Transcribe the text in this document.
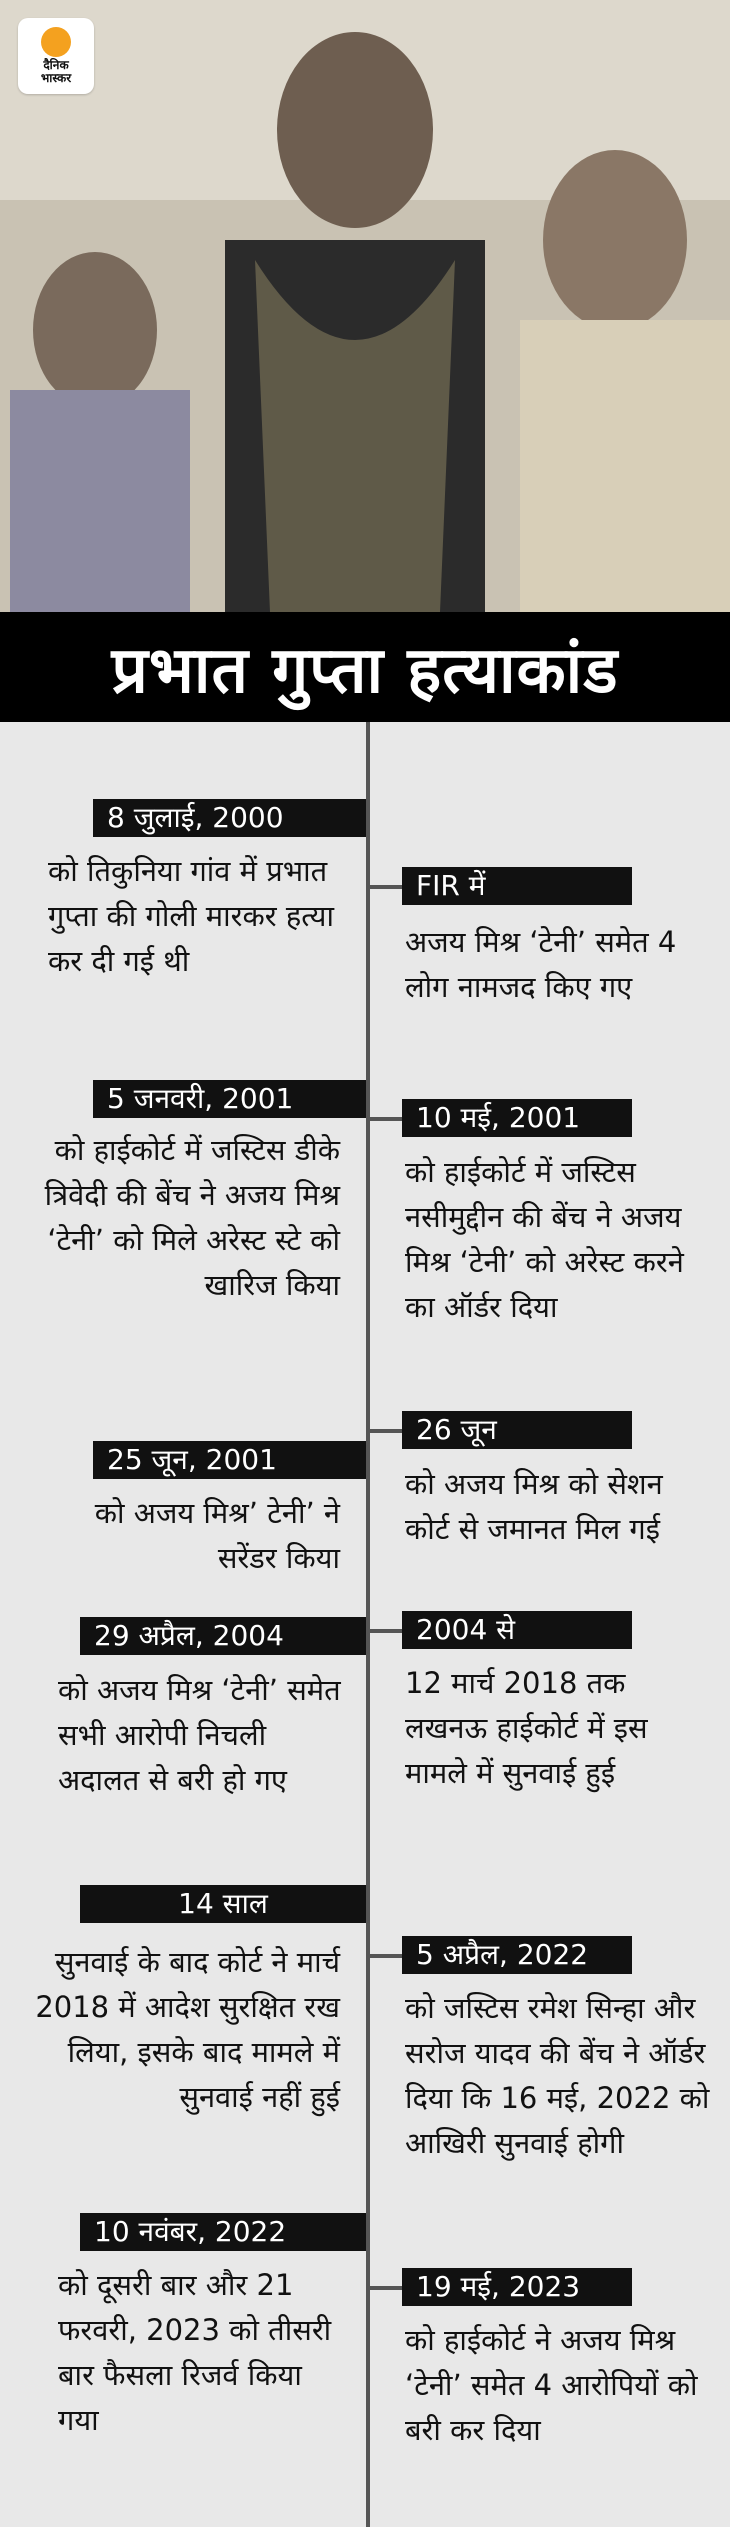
दैनिक
भास्कर
प्रभात गुप्ता हत्याकांड
8 जुलाई, 2000
को तिकुनिया गांव में प्रभात गुप्ता की गोली मारकर हत्या कर दी गई थी
5 जनवरी, 2001
को हाईकोर्ट में जस्टिस डीके त्रिवेदी की बेंच ने अजय मिश्र ‘टेनी’ को मिले अरेस्ट स्टे को खारिज किया
25 जून, 2001
को अजय मिश्र’ टेनी’ ने सरेंडर किया
29 अप्रैल, 2004
को अजय मिश्र ‘टेनी’ समेत सभी आरोपी निचली अदालत से बरी हो गए
14 साल
सुनवाई के बाद कोर्ट ने मार्च 2018 में आदेश सुरक्षित रख लिया, इसके बाद मामले में सुनवाई नहीं हुई
10 नवंबर, 2022
को दूसरी बार और 21 फरवरी, 2023 को तीसरी बार फैसला रिजर्व किया गया
FIR में
अजय मिश्र ‘टेनी’ समेत 4 लोग नामजद किए गए
10 मई, 2001
को हाईकोर्ट में जस्टिस नसीमुद्दीन की बेंच ने अजय मिश्र ‘टेनी’ को अरेस्ट करने का ऑर्डर दिया
26 जून
को अजय मिश्र को सेशन कोर्ट से जमानत मिल गई
2004 से
12 मार्च 2018 तक लखनऊ हाईकोर्ट में इस मामले में सुनवाई हुई
5 अप्रैल, 2022
को जस्टिस रमेश सिन्हा और सरोज यादव की बेंच ने ऑर्डर दिया कि 16 मई, 2022 को आखिरी सुनवाई होगी
19 मई, 2023
को हाईकोर्ट ने अजय मिश्र ‘टेनी’ समेत 4 आरोपियों को बरी कर दिया
